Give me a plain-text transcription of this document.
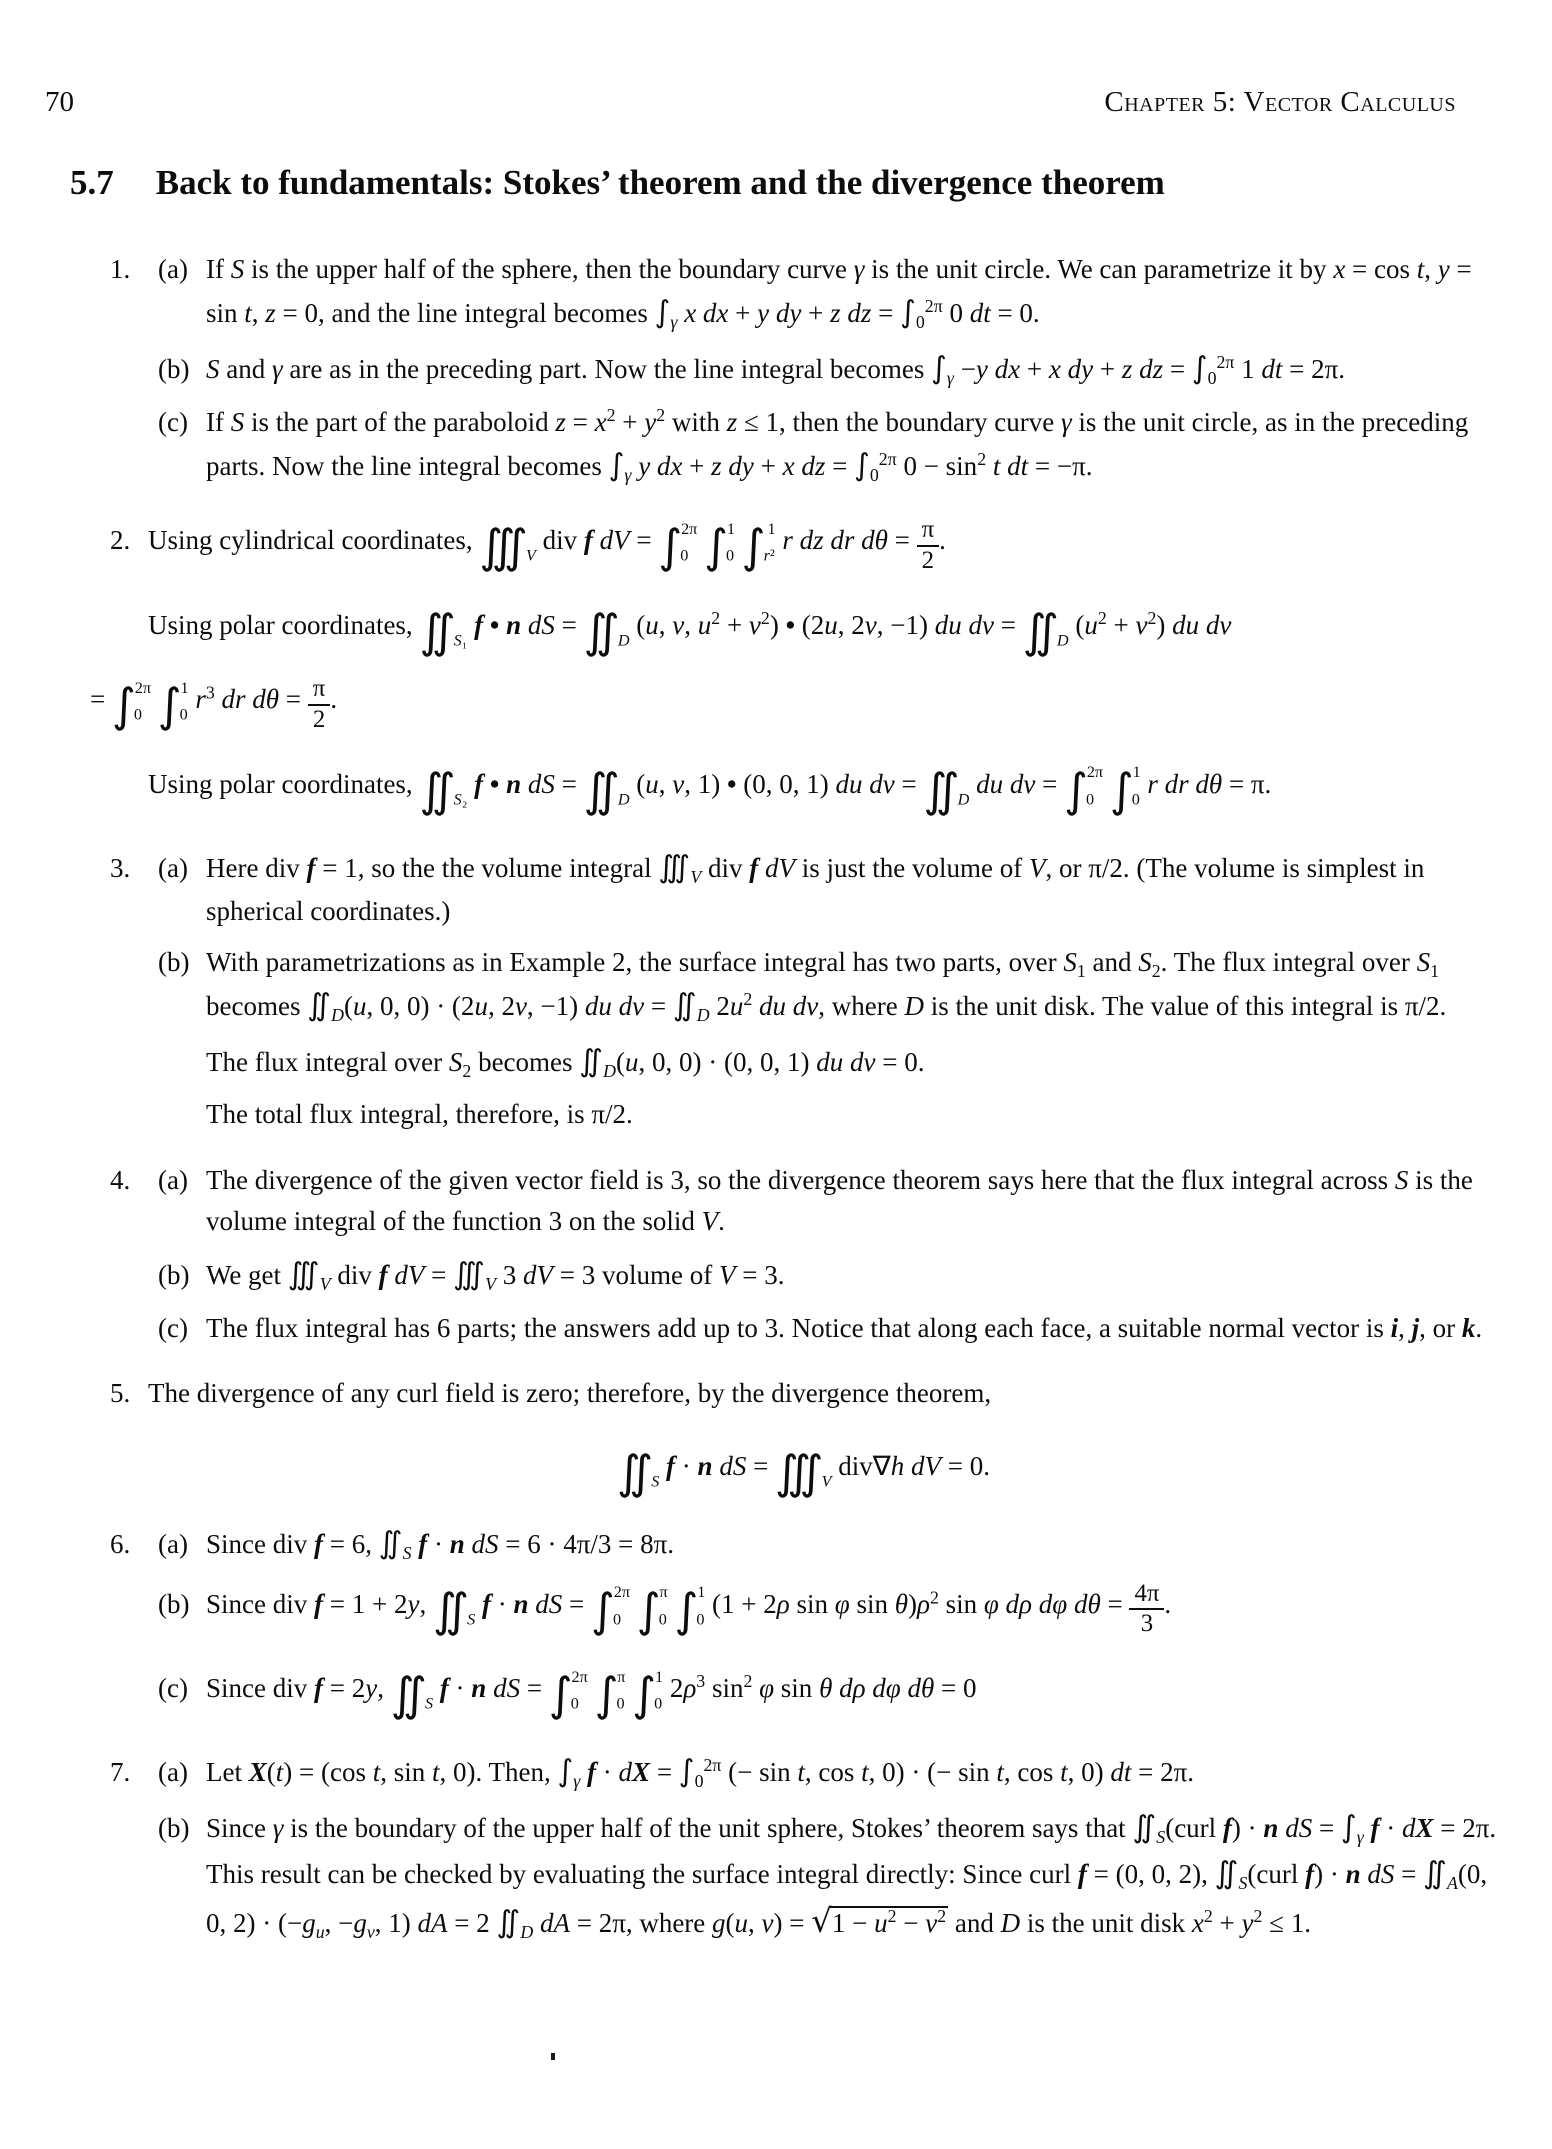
70	Chapter 5: Vector Calculus
5.7 Back to fundamentals: Stokes’ theorem and the divergence theorem
1.	(a) If S is the upper half of the sphere, then the boundary curve γ is the unit circle. We can parametrize it by x = cos t, y = sin t, z = 0, and the line integral becomes $\int_\gamma$ x dx + y dy + z dz = $\int_0^{2\pi}$ 0 dt = 0.
(b) S and γ are as in the preceding part. Now the line integral becomes $\int_\gamma -y$ dx + x dy + z dz = $\int_0^{2\pi}$ 1 dt = 2π.
(c) If S is the part of the paraboloid $z = x^2 + y^2$ with z ≤ 1, then the boundary curve γ is the unit circle, as in the preceding parts. Now the line integral becomes $\int_\gamma$ y dx + z dy + x dz = $\int_0^{2\pi}$ $0 - \sin^2 t$ dt = −π.
2. Using cylindrical coordinates, $∭_V$ div f dV = $\int_0^{2\pi}$ $\int_0^1$ $\int_{r^2}^1$ r dz dr $d\theta = \frac{\pi}{2}$ .
Using polar coordinates, $∬_{S_1}$ f • n dS = $∬_D$ (u, v, $u^2 + v^2$) • (2u, 2v, −1) du dv = $∬_D$ $(u^2 + v^2)$ du dv
= $\int_0^{2\pi}$ $\int_0^1$ $r^3$ dr $d\theta = \frac{\pi}{2}$ .
Using polar coordinates, $∬_{S_2}$ f • n dS = $∬_D$ (u, v, 1) • (0, 0, 1) du dv = $∬_D$ du dv = $\int_0^{2\pi}$ $\int_0^1$ r dr dθ = π.
3.	(a) Here div f = 1, so the the volume integral $∭_V$ div f dV is just the volume of V, or π/2. (The volume is simplest in spherical coordinates.)
(b) With parametrizations as in Example 2, the surface integral has two parts, over $S_1$ and $S_2$. The flux integral over $S_1$ becomes $∬_D(u$, 0, 0) · (2u, 2v, −1) du dv = $∬_D$ $2u^2$ du dv, where D is the unit disk. The value of this integral is π/2.
The flux integral over $S_2$ becomes $∬_D(u$, 0, 0) · (0, 0, 1) du dv = 0.
The total flux integral, therefore, is π/2.
4.	(a) The divergence of the given vector field is 3, so the divergence theorem says here that the flux integral across S is the volume integral of the function 3 on the solid V.
(b) We get $∭_V$ div f dV = $∭_V$ 3 dV = 3 volume of V = 3.
(c) The flux integral has 6 parts; the answers add up to 3. Notice that along each face, a suitable normal vector is i, j, or k.
5. The divergence of any curl field is zero; therefore, by the divergence theorem,
$∬_S$ f · n dS = $∭_V$ div∇h dV = 0.
6.	(a) Since div f = 6, $∬_S$ f · n dS = 6 · 4π/3 = 8π.
(b) Since div f = 1 + 2y, $∬_S$ f · n dS = $\int_0^{2\pi}$ $\int_0^\pi$ $\int_0^1$ (1 + 2ρ sin φ $\sin \theta)\rho^2$ sin φ dρ dφ $d\theta = \frac{4\pi}{3}$ .
(c) Since div f = 2y, $∬_S$ f · n dS = $\int_0^{2\pi}$ $\int_0^\pi$ $\int_0^1$ $2\rho^3$ $\sin^2 \varphi$ sin θ dρ dφ dθ = 0
7.	(a) Let X(t) = (cos t, sin t, 0). Then, $\int_\gamma$ f · dX = $\int_0^{2\pi}$ (− sin t, cos t, 0) · (− sin t, cos t, 0) dt = 2π.
(b) Since γ is the boundary of the upper half of the unit sphere, Stokes’ theorem says that $∬_S(curl$ f) · n dS = $\int_\gamma$ f · dX = 2π. This result can be checked by evaluating the surface integral directly: Since curl f = (0, 0, 2), $∬_S(curl$ f) · n dS = $∬_A(0$, 0, $2) \cdot (-g_u$, $-g_v$, 1) dA = 2 $∬_D$ dA = 2π, where g(u, $v) = √1 - u^2 - v^2$ and D is the unit disk $x^2 + y^2 \le 1$.
